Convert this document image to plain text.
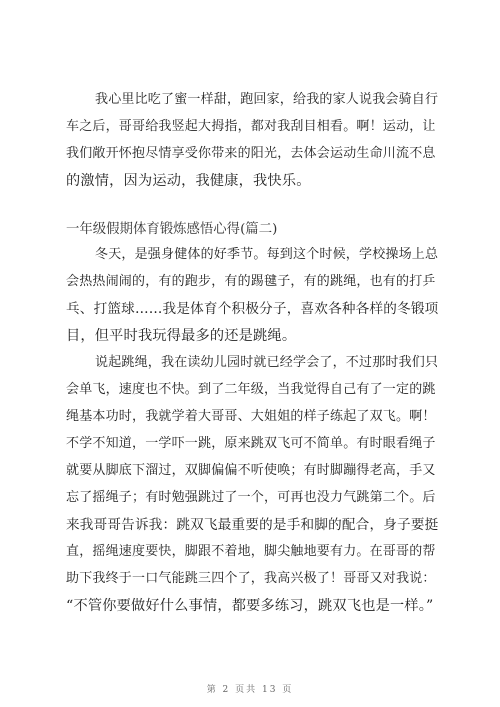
我心里比吃了蜜一样甜，跑回家，给我的家人说我会骑自行
车之后，哥哥给我竖起大拇指，都对我刮目相看。啊！运动，让
我们敞开怀抱尽情享受你带来的阳光，去体会运动生命川流不息
的激情，因为运动，我健康，我快乐。
一年级假期体育锻炼感悟心得(篇二)
冬天，是强身健体的好季节。每到这个时候，学校操场上总
会热热闹闹的，有的跑步，有的踢毽子，有的跳绳，也有的打乒
乓、打篮球……我是体育个积极分子，喜欢各种各样的冬锻项
目，但平时我玩得最多的还是跳绳。
说起跳绳，我在读幼儿园时就已经学会了，不过那时我们只
会单飞，速度也不快。到了二年级，当我觉得自己有了一定的跳
绳基本功时，我就学着大哥哥、大姐姐的样子练起了双飞。啊！
不学不知道，一学吓一跳，原来跳双飞可不简单。有时眼看绳子
就要从脚底下溜过，双脚偏偏不听使唤；有时脚蹦得老高，手又
忘了摇绳子；有时勉强跳过了一个，可再也没力气跳第二个。后
来我哥哥告诉我：跳双飞最重要的是手和脚的配合，身子要挺
直，摇绳速度要快，脚跟不着地，脚尖触地要有力。在哥哥的帮
助下我终于一口气能跳三四个了，我高兴极了！哥哥又对我说：
“不管你要做好什么事情，都要多练习，跳双飞也是一样。”
第 2 页共 13 页
